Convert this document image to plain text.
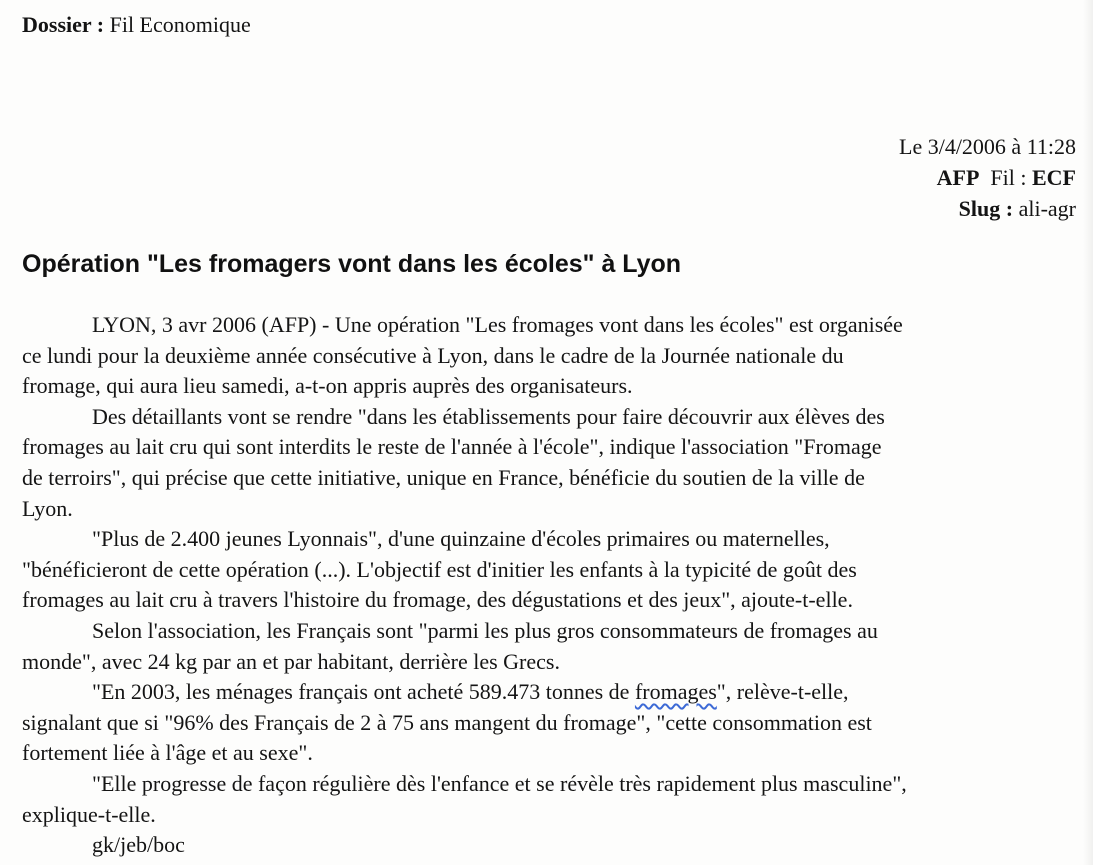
Dossier : Fil Economique
Le 3/4/2006 à 11:28
AFP Fil : ECF
Slug : ali-agr
Opération "Les fromagers vont dans les écoles" à Lyon
LYON, 3 avr 2006 (AFP) - Une opération "Les fromages vont dans les écoles" est organisée
ce lundi pour la deuxième année consécutive à Lyon, dans le cadre de la Journée nationale du
fromage, qui aura lieu samedi, a-t-on appris auprès des organisateurs.
Des détaillants vont se rendre "dans les établissements pour faire découvrir aux élèves des
fromages au lait cru qui sont interdits le reste de l'année à l'école", indique l'association "Fromage
de terroirs", qui précise que cette initiative, unique en France, bénéficie du soutien de la ville de
Lyon.
"Plus de 2.400 jeunes Lyonnais", d'une quinzaine d'écoles primaires ou maternelles,
"bénéficieront de cette opération (...). L'objectif est d'initier les enfants à la typicité de goût des
fromages au lait cru à travers l'histoire du fromage, des dégustations et des jeux", ajoute-t-elle.
Selon l'association, les Français sont "parmi les plus gros consommateurs de fromages au
monde", avec 24 kg par an et par habitant, derrière les Grecs.
"En 2003, les ménages français ont acheté 589.473 tonnes de fromages", relève-t-elle,
signalant que si "96% des Français de 2 à 75 ans mangent du fromage", "cette consommation est
fortement liée à l'âge et au sexe".
"Elle progresse de façon régulière dès l'enfance et se révèle très rapidement plus masculine",
explique-t-elle.
gk/jeb/boc
